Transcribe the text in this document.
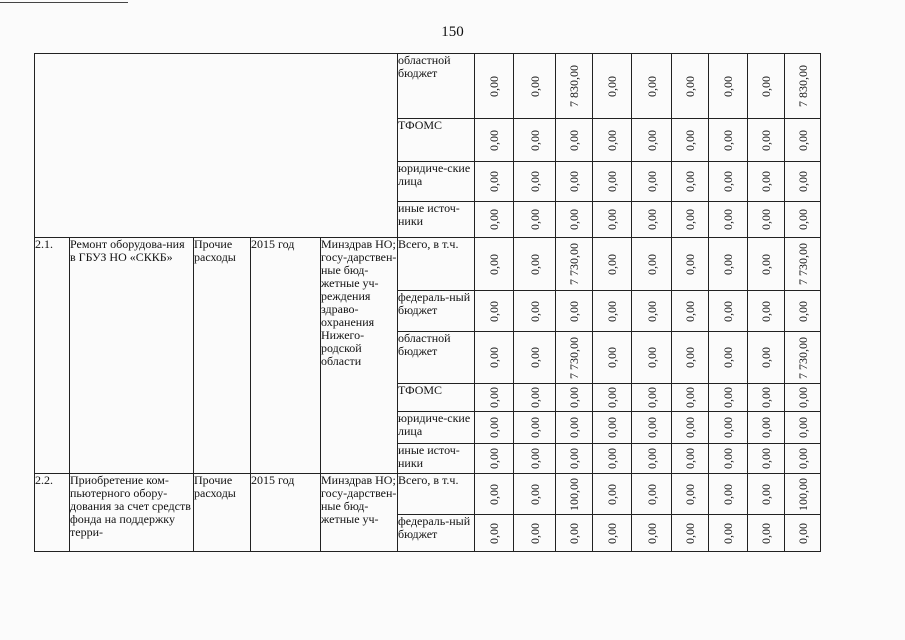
150
					областной бюджет	0,00	0,00	7 830,00	0,00	0,00	0,00	0,00	0,00	7 830,00

					ТФОМС	0,00	0,00	0,00	0,00	0,00	0,00	0,00	0,00	0,00

					юридиче-ские лица	0,00	0,00	0,00	0,00	0,00	0,00	0,00	0,00	0,00

					иные источ-ники	0,00	0,00	0,00	0,00	0,00	0,00	0,00	0,00	0,00

2.1.	Ремонт оборудова-ния в ГБУЗ НО «СККБ»	Прочие расходы	2015 год	Минздрав НО; госу-дарствен-ные бюд-жетные уч-реждения здраво-охранения Нижего-родской области	Всего, в т.ч.	0,00	0,00	7 730,00	0,00	0,00	0,00	0,00	0,00	7 730,00

					федераль-ный бюджет	0,00	0,00	0,00	0,00	0,00	0,00	0,00	0,00	0,00

					областной бюджет	0,00	0,00	7 730,00	0,00	0,00	0,00	0,00	0,00	7 730,00

					ТФОМС	0,00	0,00	0,00	0,00	0,00	0,00	0,00	0,00	0,00

					юридиче-ские лица	0,00	0,00	0,00	0,00	0,00	0,00	0,00	0,00	0,00

					иные источ-ники	0,00	0,00	0,00	0,00	0,00	0,00	0,00	0,00	0,00

2.2.	Приобретение ком-пьютерного обору-дования за счет средств фонда на поддержку терри-	Прочие расходы	2015 год	Минздрав НО; госу-дарствен-ные бюд-жетные уч-	Всего, в т.ч.	0,00	0,00	100,00	0,00	0,00	0,00	0,00	0,00	100,00

					федераль-ный бюджет	0,00	0,00	0,00	0,00	0,00	0,00	0,00	0,00	0,00
